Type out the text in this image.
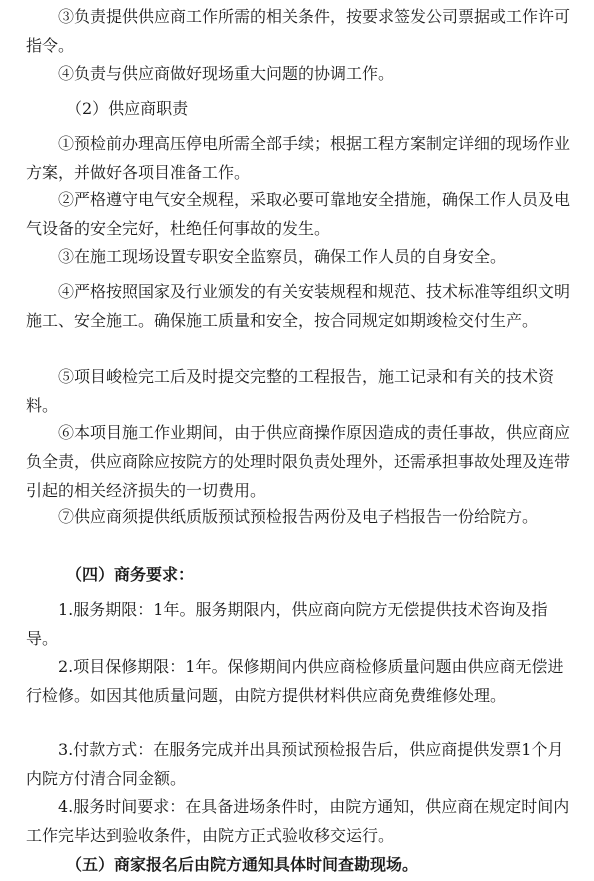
③负责提供供应商工作所需的相关条件，按要求签发公司票据或工作许可指令。
④负责与供应商做好现场重大问题的协调工作。
（2）供应商职责
①预检前办理高压停电所需全部手续；根据工程方案制定详细的现场作业方案，并做好各项目准备工作。
②严格遵守电气安全规程，采取必要可靠地安全措施，确保工作人员及电气设备的安全完好，杜绝任何事故的发生。
③在施工现场设置专职安全监察员，确保工作人员的自身安全。
④严格按照国家及行业颁发的有关安装规程和规范、技术标准等组织文明施工、安全施工。确保施工质量和安全，按合同规定如期竣检交付生产。
⑤项目峻检完工后及时提交完整的工程报告，施工记录和有关的技术资料。
⑥本项目施工作业期间，由于供应商操作原因造成的责任事故，供应商应负全责，供应商除应按院方的处理时限负责处理外，还需承担事故处理及连带引起的相关经济损失的一切费用。
⑦供应商须提供纸质版预试预检报告两份及电子档报告一份给院方。
（四）商务要求：
1.服务期限：1年。服务期限内，供应商向院方无偿提供技术咨询及指导。
2.项目保修期限：1年。保修期间内供应商检修质量问题由供应商无偿进行检修。如因其他质量问题，由院方提供材料供应商免费维修处理。
3.付款方式：在服务完成并出具预试预检报告后，供应商提供发票1个月内院方付清合同金额。
4.服务时间要求：在具备进场条件时，由院方通知，供应商在规定时间内工作完毕达到验收条件，由院方正式验收移交运行。
（五）商家报名后由院方通知具体时间查勘现场。
